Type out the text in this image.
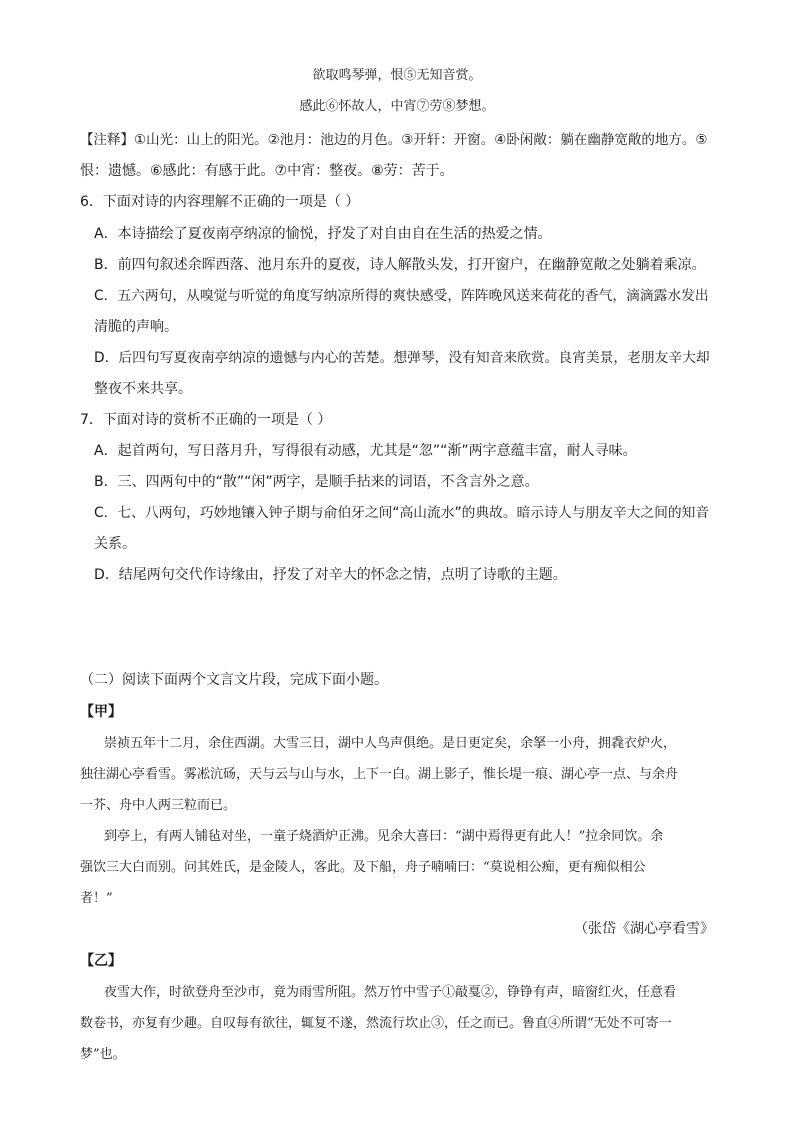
欲取鸣琴弹，恨⑤无知音赏。
感此⑥怀故人，中宵⑦劳⑧梦想。
【注释】①山光：山上的阳光。②池月：池边的月色。③开轩：开窗。④卧闲敞：躺在幽静宽敞的地方。⑤
恨：遗憾。⑥感此：有感于此。⑦中宵：整夜。⑧劳：苦于。
6．下面对诗的内容理解不正确的一项是（ ）
A．本诗描绘了夏夜南亭纳凉的愉悦，抒发了对自由自在生活的热爱之情。
B．前四句叙述余晖西落、池月东升的夏夜，诗人解散头发，打开窗户，在幽静宽敞之处躺着乘凉。
C．五六两句，从嗅觉与听觉的角度写纳凉所得的爽快感受，阵阵晚风送来荷花的香气，滴滴露水发出
清脆的声响。
D．后四句写夏夜南亭纳凉的遗憾与内心的苦楚。想弹琴，没有知音来欣赏。良宵美景，老朋友辛大却
整夜不来共享。
7．下面对诗的赏析不正确的一项是（ ）
A．起首两句，写日落月升，写得很有动感，尤其是“忽”“渐”两字意蕴丰富，耐人寻味。
B．三、四两句中的“散”“闲”两字，是顺手拈来的词语，不含言外之意。
C．七、八两句，巧妙地镶入钟子期与俞伯牙之间“高山流水”的典故。暗示诗人与朋友辛大之间的知音
关系。
D．结尾两句交代作诗缘由，抒发了对辛大的怀念之情，点明了诗歌的主题。
（二）阅读下面两个文言文片段，完成下面小题。
【甲】
崇祯五年十二月，余住西湖。大雪三日，湖中人鸟声俱绝。是日更定矣，余拏一小舟，拥毳衣炉火，
独往湖心亭看雪。雾凇沆砀，天与云与山与水，上下一白。湖上影子，惟长堤一痕、湖心亭一点、与余舟
一芥、舟中人两三粒而已。
到亭上，有两人铺毡对坐，一童子烧酒炉正沸。见余大喜曰：“湖中焉得更有此人！”拉余同饮。余
强饮三大白而别。问其姓氏，是金陵人，客此。及下船，舟子喃喃曰：“莫说相公痴，更有痴似相公
者！”
（张岱《湖心亭看雪》
【乙】
夜雪大作，时欲登舟至沙市，竟为雨雪所阻。然万竹中雪子①敲戛②，铮铮有声，暗窗红火，任意看
数卷书，亦复有少趣。自叹每有欲往，辄复不遂，然流行坎止③，任之而已。鲁直④所谓“无处不可寄一
梦”也。
